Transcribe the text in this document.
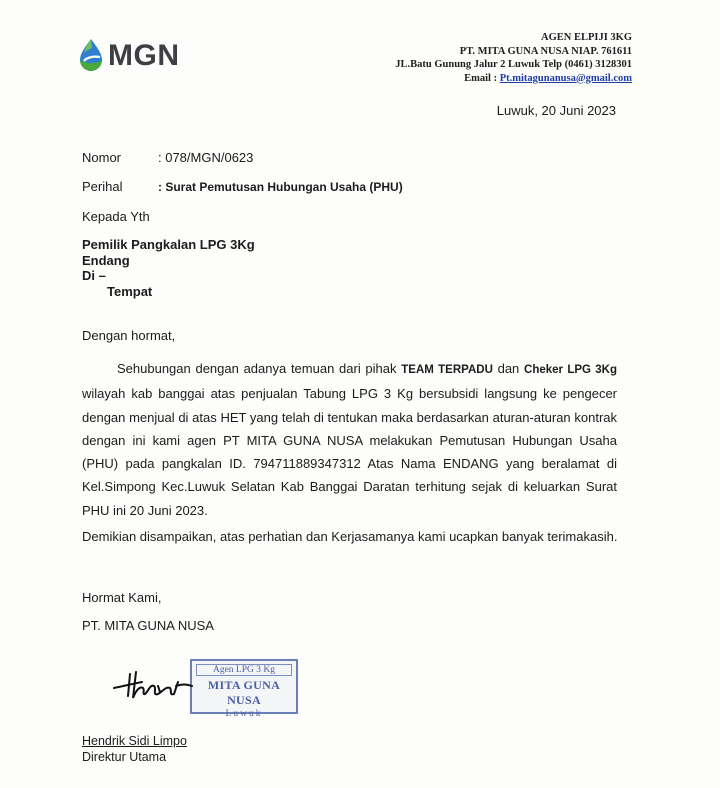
MGN
AGEN ELPIJI 3KG
PT. MITA GUNA NUSA NIAP. 761611
JL.Batu Gunung Jalur 2 Luwuk Telp (0461) 3128301
Email : Pt.mitagunanusa@gmail.com
Luwuk, 20 Juni 2023
Nomor	: 078/MGN/0623
Perihal	: Surat Pemutusan Hubungan Usaha (PHU)
Kepada Yth
Pemilik Pangkalan LPG 3Kg
Endang
Di –
Tempat
Dengan hormat,

Sehubungan dengan adanya temuan dari pihak TEAM TERPADU dan Cheker LPG 3Kg wilayah kab banggai atas penjualan Tabung LPG 3 Kg bersubsidi langsung ke pengecer dengan menjual di atas HET yang telah di tentukan maka berdasarkan aturan-aturan kontrak dengan ini kami agen PT MITA GUNA NUSA melakukan Pemutusan Hubungan Usaha (PHU) pada pangkalan ID. 794711889347312 Atas Nama ENDANG yang beralamat di Kel.Simpong Kec.Luwuk Selatan Kab Banggai Daratan terhitung sejak di keluarkan Surat PHU ini 20 Juni 2023.

Demikian disampaikan, atas perhatian dan Kerjasamanya kami ucapkan banyak terimakasih.
Hormat Kami,
PT. MITA GUNA NUSA
Agen LPG 3 Kg
MITA GUNA NUSA
Luwuk
Hendrik Sidi Limpo
Direktur Utama
